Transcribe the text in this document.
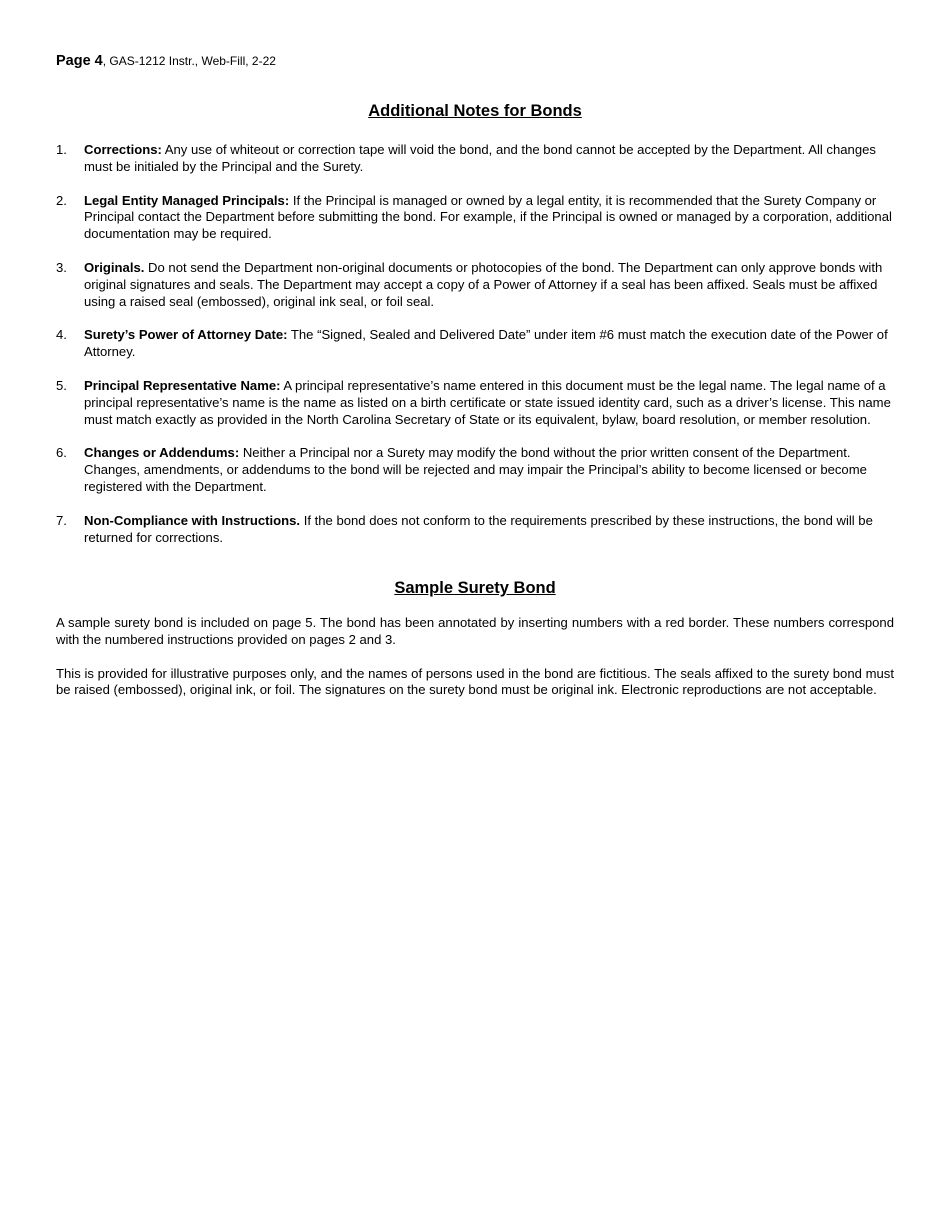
Page 4, GAS-1212 Instr., Web-Fill, 2-22
Additional Notes for Bonds
1. Corrections: Any use of whiteout or correction tape will void the bond, and the bond cannot be accepted by the Department. All changes must be initialed by the Principal and the Surety.
2. Legal Entity Managed Principals: If the Principal is managed or owned by a legal entity, it is recommended that the Surety Company or Principal contact the Department before submitting the bond. For example, if the Principal is owned or managed by a corporation, additional documentation may be required.
3. Originals. Do not send the Department non-original documents or photocopies of the bond. The Department can only approve bonds with original signatures and seals. The Department may accept a copy of a Power of Attorney if a seal has been affixed. Seals must be affixed using a raised seal (embossed), original ink seal, or foil seal.
4. Surety’s Power of Attorney Date: The “Signed, Sealed and Delivered Date” under item #6 must match the execution date of the Power of Attorney.
5. Principal Representative Name: A principal representative’s name entered in this document must be the legal name. The legal name of a principal representative’s name is the name as listed on a birth certificate or state issued identity card, such as a driver’s license. This name must match exactly as provided in the North Carolina Secretary of State or its equivalent, bylaw, board resolution, or member resolution.
6. Changes or Addendums: Neither a Principal nor a Surety may modify the bond without the prior written consent of the Department. Changes, amendments, or addendums to the bond will be rejected and may impair the Principal’s ability to become licensed or become registered with the Department.
7. Non-Compliance with Instructions. If the bond does not conform to the requirements prescribed by these instructions, the bond will be returned for corrections.
Sample Surety Bond

A sample surety bond is included on page 5. The bond has been annotated by inserting numbers with a red border. These numbers correspond with the numbered instructions provided on pages 2 and 3.

This is provided for illustrative purposes only, and the names of persons used in the bond are fictitious. The seals affixed to the surety bond must be raised (embossed), original ink, or foil. The signatures on the surety bond must be original ink. Electronic reproductions are not acceptable.
